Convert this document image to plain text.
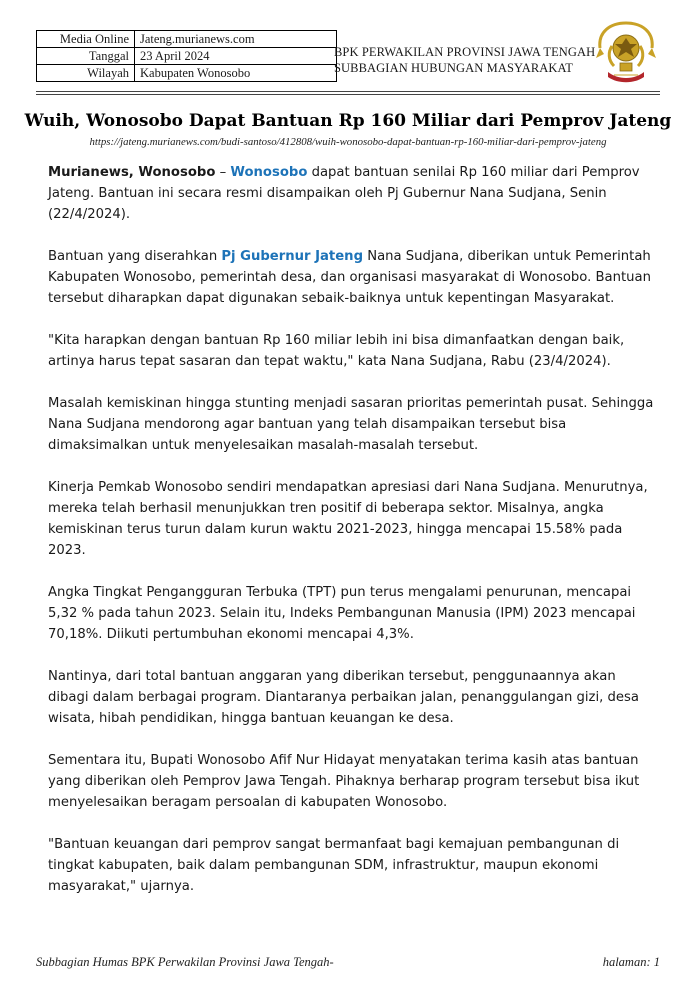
Media Online	Jateng.murianews.com
Tanggal	23 April 2024
Wilayah	Kabupaten Wonosobo
BPK PERWAKILAN PROVINSI JAWA TENGAH
SUBBAGIAN HUBUNGAN MASYARAKAT
Wuih, Wonosobo Dapat Bantuan Rp 160 Miliar dari Pemprov Jateng
https://jateng.murianews.com/budi-santoso/412808/wuih-wonosobo-dapat-bantuan-rp-160-miliar-dari-pemprov-jateng

Murianews, Wonosobo – Wonosobo dapat bantuan senilai Rp 160 miliar dari Pemprov Jateng. Bantuan ini secara resmi disampaikan oleh Pj Gubernur Nana Sudjana, Senin (22/4/2024).

Bantuan yang diserahkan Pj Gubernur Jateng Nana Sudjana, diberikan untuk Pemerintah Kabupaten Wonosobo, pemerintah desa, dan organisasi masyarakat di Wonosobo. Bantuan tersebut diharapkan dapat digunakan sebaik-baiknya untuk kepentingan Masyarakat.

"Kita harapkan dengan bantuan Rp 160 miliar lebih ini bisa dimanfaatkan dengan baik, artinya harus tepat sasaran dan tepat waktu," kata Nana Sudjana, Rabu (23/4/2024).

Masalah kemiskinan hingga stunting menjadi sasaran prioritas pemerintah pusat. Sehingga Nana Sudjana mendorong agar bantuan yang telah disampaikan tersebut bisa dimaksimalkan untuk menyelesaikan masalah-masalah tersebut.

Kinerja Pemkab Wonosobo sendiri mendapatkan apresiasi dari Nana Sudjana. Menurutnya, mereka telah berhasil menunjukkan tren positif di beberapa sektor. Misalnya, angka kemiskinan terus turun dalam kurun waktu 2021-2023, hingga mencapai 15.58% pada 2023.

Angka Tingkat Pengangguran Terbuka (TPT) pun terus mengalami penurunan, mencapai 5,32 % pada tahun 2023. Selain itu, Indeks Pembangunan Manusia (IPM) 2023 mencapai 70,18%. Diikuti pertumbuhan ekonomi mencapai 4,3%.

Nantinya, dari total bantuan anggaran yang diberikan tersebut, penggunaannya akan dibagi dalam berbagai program. Diantaranya perbaikan jalan, penanggulangan gizi, desa wisata, hibah pendidikan, hingga bantuan keuangan ke desa.

Sementara itu, Bupati Wonosobo Afif Nur Hidayat menyatakan terima kasih atas bantuan yang diberikan oleh Pemprov Jawa Tengah. Pihaknya berharap program tersebut bisa ikut menyelesaikan beragam persoalan di kabupaten Wonosobo.

"Bantuan keuangan dari pemprov sangat bermanfaat bagi kemajuan pembangunan di tingkat kabupaten, baik dalam pembangunan SDM, infrastruktur, maupun ekonomi masyarakat," ujarnya.

Subbagian Humas BPK Perwakilan Provinsi Jawa Tengah-	halaman: 1
